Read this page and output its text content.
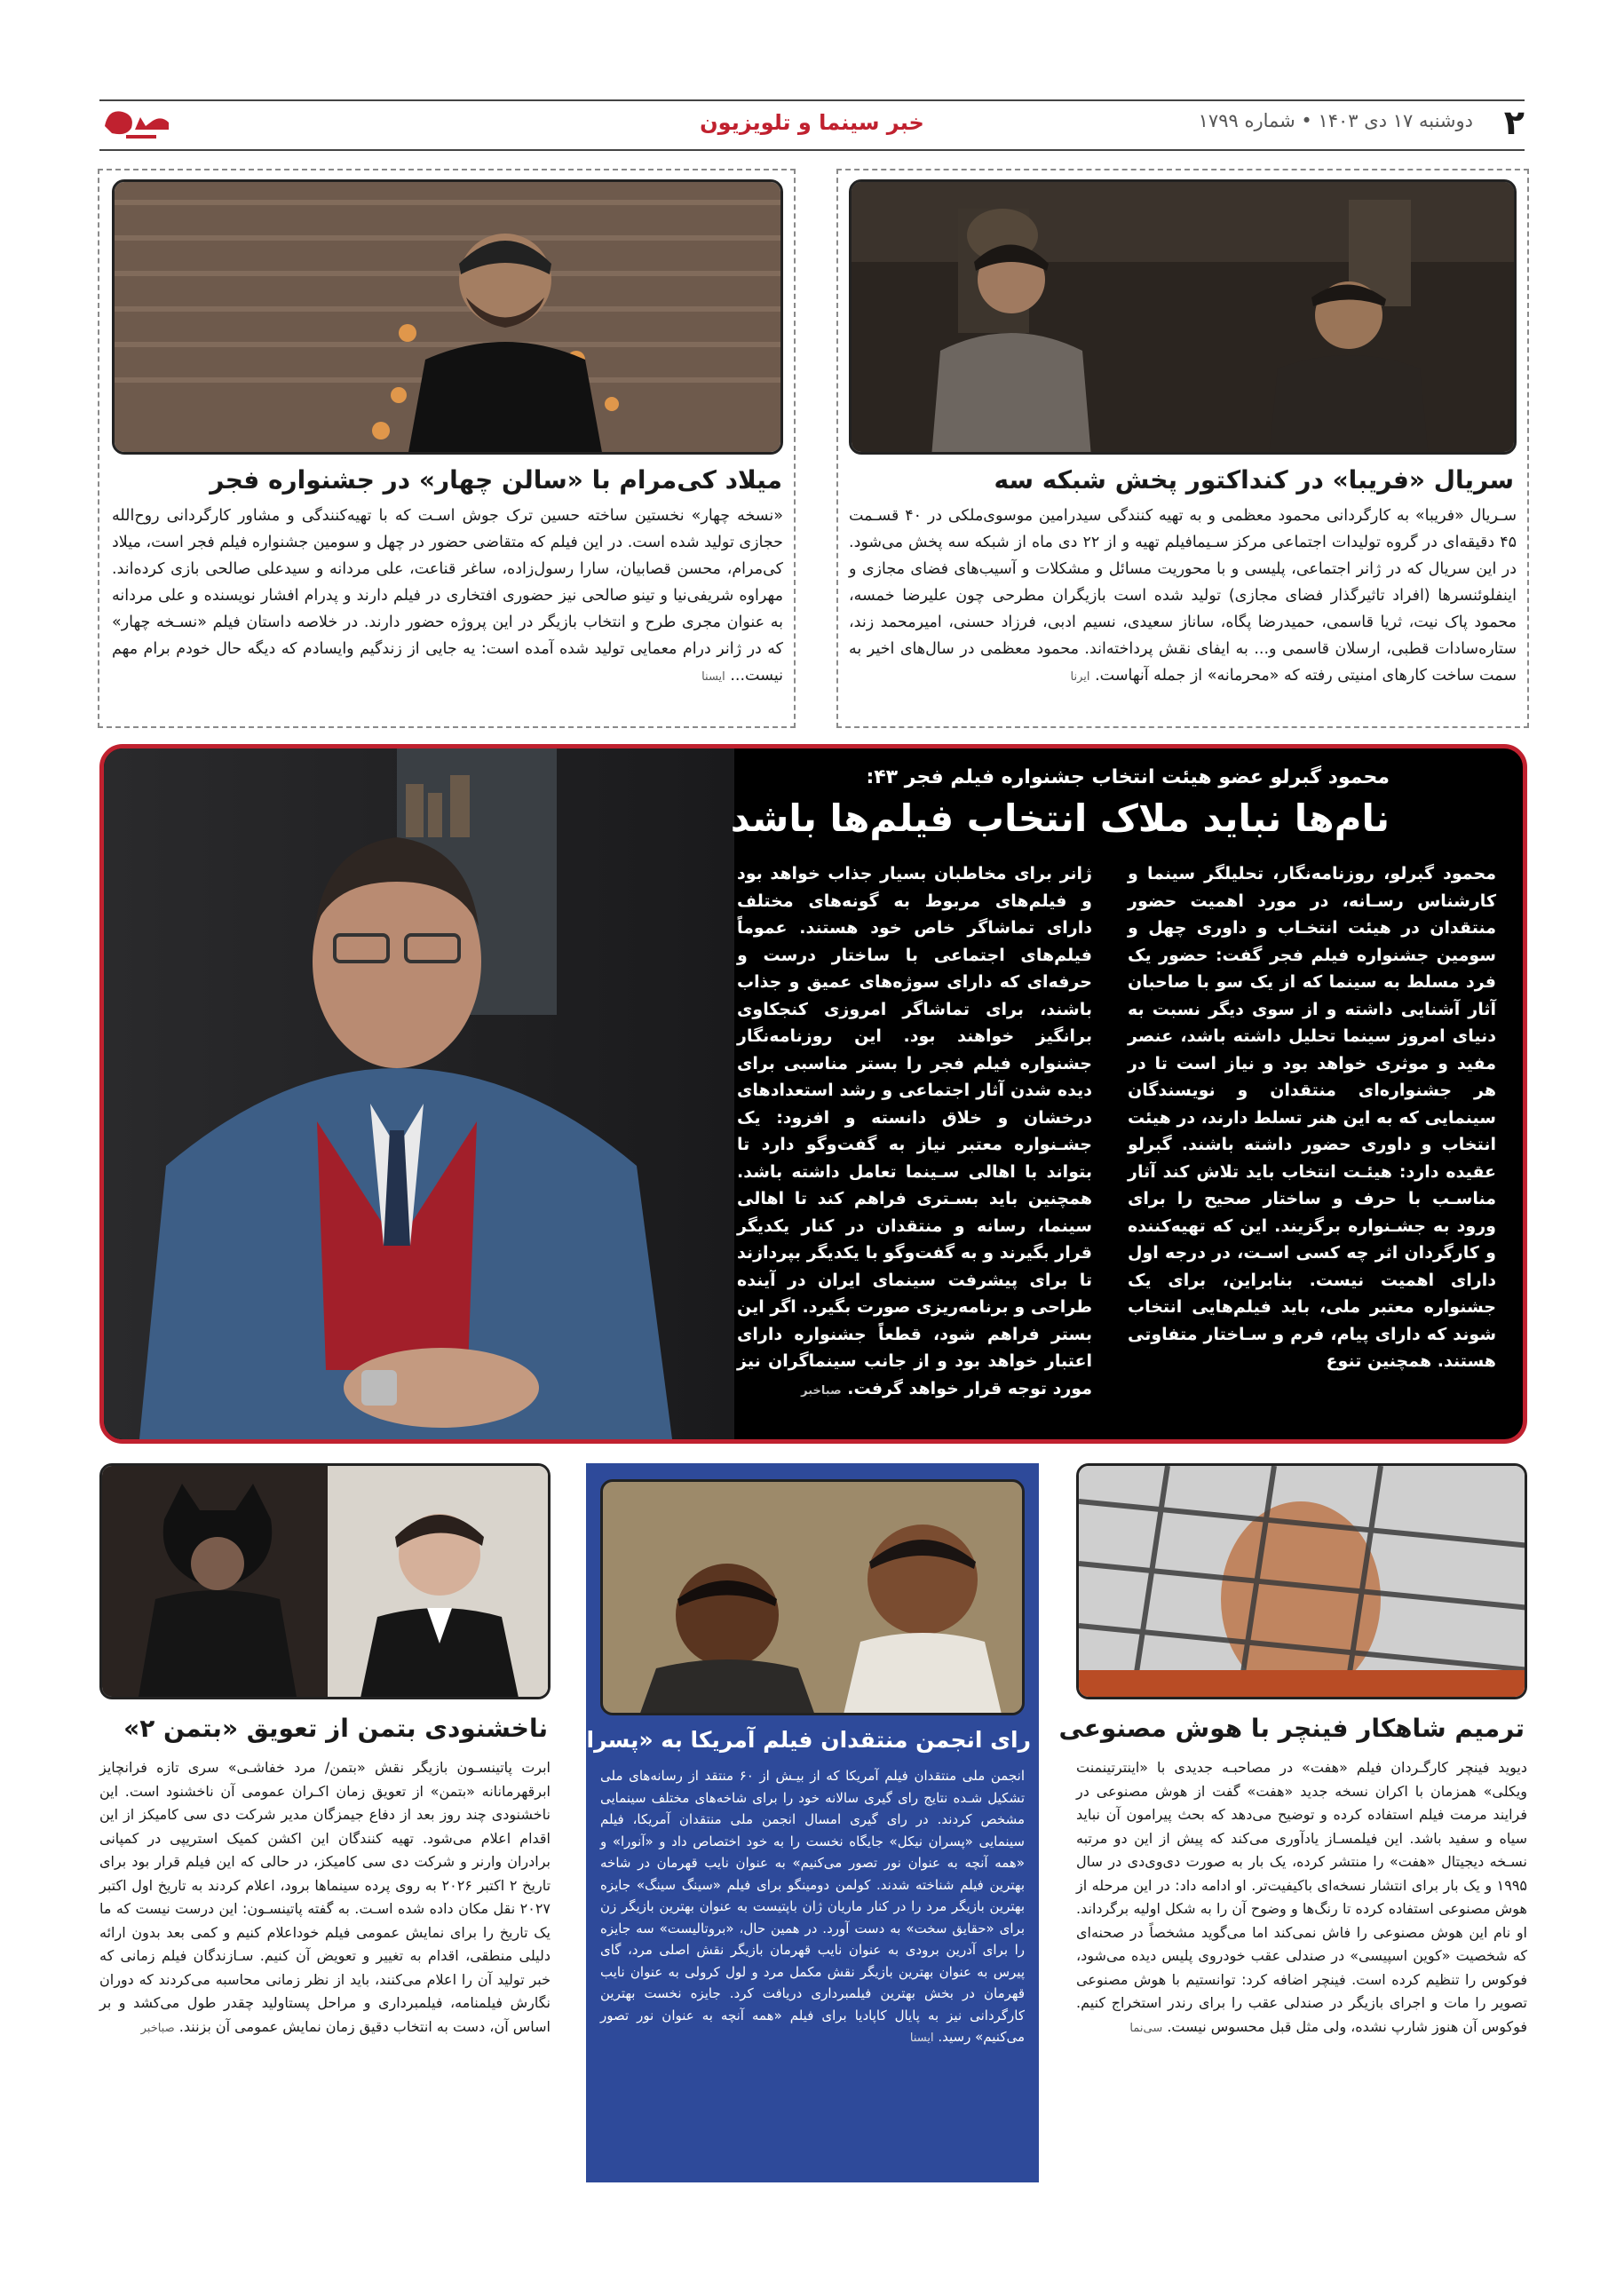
۲
دوشنبه ۱۷ دی ۱۴۰۳ • شماره ۱۷۹۹
خبر سینما و تلویزیون
سریال «فریبا» در کنداکتور پخش شبکه سه
سـریال «فریبا» به کارگردانی محمود معظمی و به تهیه کنندگی سیدرامین موسوی‌ملکی در ۴۰ قسـمت ۴۵ دقیقه‌ای در گروه تولیدات اجتماعی مرکز سـیمافیلم تهیه و از ۲۲ دی ماه از شبکه سه پخش می‌شود. در این سریال که در ژانر اجتماعی، پلیسی و با محوریت مسائل و مشکلات و آسیب‌های فضای مجازی و اینفلوئنسرها (افراد تاثیرگذار فضای مجازی) تولید شده است بازیگران مطرحی چون علیرضا خمسه، محمود پاک نیت، ثریا قاسمی، حمیدرضا پگاه، ساناز سعیدی، نسیم ادبی، فرزاد حسنی، امیرمحمد زند، ستاره‌سادات قطبی، ارسلان قاسمی و... به ایفای نقش پرداخته‌اند. محمود معظمی در سال‌های اخیر به سمت ساخت کارهای امنیتی رفته که «محرمانه» از جمله آنهاست. ایرنا
میلاد کی‌مرام با «سالن چهار» در جشنواره فجر
«نسخه چهار» نخستین ساخته حسین ترک جوش اسـت که با تهیه‌کنندگی و مشاور کارگردانی روح‌الله حجازی تولید شده است. در این فیلم که متقاضی حضور در چهل و سومین جشنواره فیلم فجر است، میلاد کی‌مرام، محسن قصابیان، سارا رسول‌زاده، ساغر قناعت، علی مردانه و سیدعلی صالحی بازی کرده‌اند. مهراوه شریفی‌نیا و تینو صالحی نیز حضوری افتخاری در فیلم دارند و پدرام افشار نویسنده و علی مردانه به عنوان مجری طرح و انتخاب بازیگر در این پروژه حضور دارند. در خلاصه داستان فیلم «نسـخه چهار» که در ژانر درام معمایی تولید شده آمده است: یه جایی از زندگیم وایسادم که دیگه حال خودم برام مهم نیست... ایسنا
محمود گبرلو عضو هیئت انتخاب جشنواره فیلم فجر ۴۳:
نام‌ها نباید ملاک انتخاب فیلم‌ها باشد
محمود گبرلو، روزنامه‌نگار، تحلیلگر سینما و کارشناس رسـانه، در مورد اهمیت حضور منتقدان در هیئت انتخـاب و داوری چهل و سومین جشنواره فیلم فجر گفت: حضور یک فرد مسلط به سینما که از یک سو با صاحبان آثار آشنایی داشته و از سوی دیگر نسبت به دنیای امروز سینما تحلیل داشته باشد، عنصر مفید و موثری خواهد بود و نیاز است تا در هر جشنواره‌ای منتقدان و نویسندگان سینمایی که به این هنر تسلط دارند، در هیئت انتخاب و داوری حضور داشته باشند. گبرلو عقیده دارد: هیئـت انتخاب باید تلاش کند آثار مناسـب با حرف و ساختار صحیح را برای ورود به جشـنواره برگزیند. این که تهیه‌کننده و کارگردان اثر چه کسی اسـت، در درجه اول دارای اهمیت نیست. بنابراین، برای یک جشنواره معتبر ملی، باید فیلم‌هایی انتخاب شوند که دارای پیام، فرم و سـاختار متفاوتی هستند. همچنین تنوع
ژانر برای مخاطبان بسیار جذاب خواهد بود و فیلم‌های مربوط به گونه‌های مختلف دارای تماشاگر خاص خود هستند. عموماً فیلم‌های اجتماعی با ساختار درست و حرفه‌ای که دارای سوژه‌های عمیق و جذاب باشند، برای تماشاگر امروزی کنجکاوی برانگیز خواهند بود. این روزنامه‌نگار جشنواره فیلم فجر را بستر مناسبی برای دیده شدن آثار اجتماعی و رشد استعدادهای درخشان و خلاق دانسته و افزود: یک جشـنواره معتبر نیاز به گفت‌وگو دارد تا بتواند با اهالی سـینما تعامل داشته باشد. همچنین باید بسـتری فراهم کند تا اهالی سینما، رسانه و منتقدان در کنار یکدیگر قرار بگیرند و به گفت‌وگو با یکدیگر بپردازند تا برای پیشرفت سینمای ایران در آینده طراحی و برنامه‌ریزی صورت بگیرد. اگر این بستر فراهم شود، قطعاً جشنواره دارای اعتبار خواهد بود و از جانب سینماگران نیز مورد توجه قرار خواهد گرفت. صباخبر
ترمیم شاهکار فینچر با هوش مصنوعی
دیوید فینچر کارگـردان فیلم «هفت» در مصاحبـه جدیدی با «اینترتینمنت ویکلی» همزمان با اکران نسخه جدید «هفت» گفت از هوش مصنوعی در فرایند مرمت فیلم استفاده کرده و توضیح می‌دهد که بحث پیرامون آن نباید سیاه و سفید باشد. این فیلمسـاز یادآوری می‌کند که پیش از این دو مرتبه نسـخه دیجیتال «هفت» را منتشر کرده، یک بار به صورت دی‌وی‌دی در سال ۱۹۹۵ و یک بار برای انتشار نسخه‌ای باکیفیت‌تر. او ادامه داد: در این مرحله از هوش مصنوعی استفاده کرده تا رنگ‌ها و وضوح آن را به شکل اولیه برگرداند. او نام این هوش مصنوعی را فاش نمی‌کند اما می‌گوید مشخصاً در صحنه‌ای که شخصیت «کوین اسپیسی» در صندلی عقب خودروی پلیس دیده می‌شود، فوکوس را تنظیم کرده است. فینچر اضافه کرد: توانستیم با هوش مصنوعی تصویر را مات و اجرای بازیگر در صندلی عقب را برای رندر استخراج کنیم. فوکوس آن هنوز شارپ نشده، ولی مثل قبل محسوس نیست. سی‌نما
رای انجمن منتقدان فیلم آمریکا به «پسران نیکل»
انجمن ملی منتقدان فیلم آمریکا که از بیـش از ۶۰ منتقد از رسانه‌های ملی تشکیل شـده نتایج رای گیری سالانه خود را برای شاخه‌های مختلف سینمایی مشخص کردند. در رای گیری امسال انجمن ملی منتقدان آمریکا، فیلم سینمایی «پسران نیکل» جایگاه نخست را به خود اختصاص داد و «آنورا» و «همه آنچه به عنوان نور تصور می‌کنیم» به عنوان نایب قهرمان در شاخه بهترین فیلم شناخته شدند. کولمن دومینگو برای فیلم «سینگ سینگ» جایزه بهترین بازیگر مرد را در کنار ماریان ژان باپتیست به عنوان بهترین بازیگر زن برای «حقایق سخت» به دست آورد. در همین حال، «بروتالیست» سه جایزه را برای آدرین برودی به عنوان نایب قهرمان بازیگر نقش اصلی مرد، گای پیرس به عنوان بهترین بازیگر نقش مکمل مرد و لول کرولی به عنوان نایب قهرمان در بخش بهترین فیلمبرداری دریافت کرد. جایزه نخست بهترین کارگردانی نیز به پایال کاپادیا برای فیلم «همه آنچه به عنوان نور تصور می‌کنیم» رسید. ایسنا
ناخشنودی بتمن از تعویق «بتمن ۲»
ابرت پاتینسـون بازیگر نقش «بتمن/ مرد خفاشـی» سری تازه فرانچایز ابرقهرمانانه «بتمن» از تعویق زمان اکـران عمومی آن ناخشنود است. این ناخشنودی چند روز بعد از دفاع جیمزگان مدیر شرکت دی سی کامیکز از این اقدام اعلام می‌شود. تهیه کنندگان این اکشن کمیک استریپی در کمپانی برادران وارنر و شرکت دی سی کامیکز، در حالی که این فیلم قرار بود برای تاریخ ۲ اکتبر ۲۰۲۶ به روی پرده سینماها برود، اعلام کردند به تاریخ اول اکتبر ۲۰۲۷ نقل مکان داده شده اسـت. به گفته پاتینسـون: این درست نیست که ما یک تاریخ را برای نمایش عمومی فیلم خوداعلام کنیم و کمی بعد بدون ارائه دلیلی منطقی، اقدام به تغییر و تعویض آن کنیم. سـازندگان فیلم زمانی که خبر تولید آن را اعلام می‌کنند، باید از نظر زمانی محاسبه می‌کردند که دوران نگارش فیلمنامه، فیلمبرداری و مراحل پستاولید چقدر طول می‌کشد و بر اساس آن، دست به انتخاب دقیق زمان نمایش عمومی آن بزنند. صباخبر
